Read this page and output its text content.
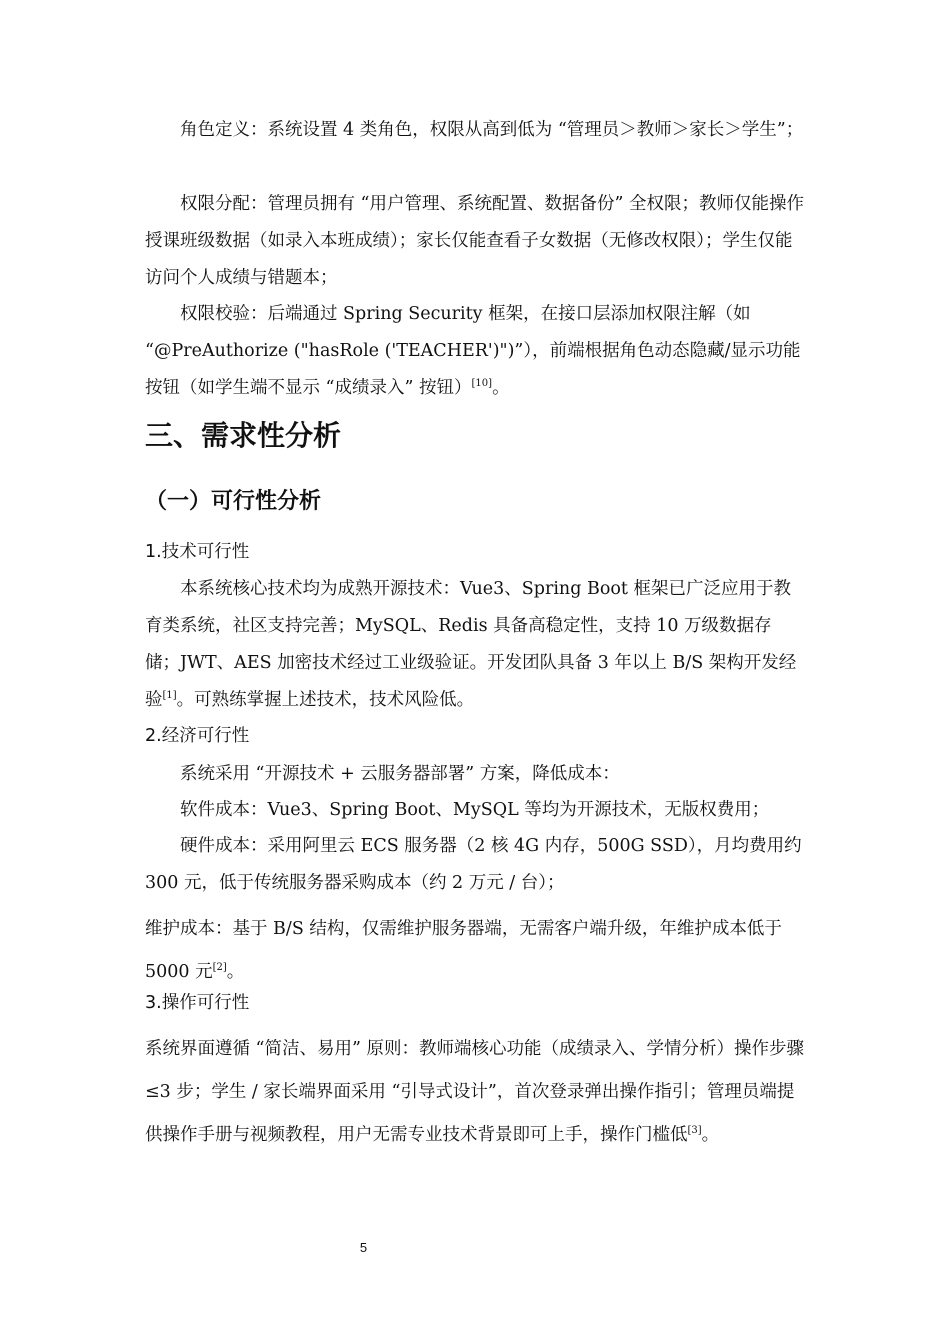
角色定义：系统设置 4 类角色，权限从高到低为 “管理员＞教师＞家长＞学生”；

权限分配：管理员拥有 “用户管理、系统配置、数据备份” 全权限；教师仅能操作授课班级数据（如录入本班成绩）；家长仅能查看子女数据（无修改权限）；学生仅能访问个人成绩与错题本；

权限校验：后端通过 Spring Security 框架，在接口层添加权限注解（如 “@PreAuthorize ("hasRole ('TEACHER')")”），前端根据角色动态隐藏/显示功能按钮（如学生端不显示 “成绩录入” 按钮）[10]。

三、需求性分析
（一）可行性分析
1.技术可行性

本系统核心技术均为成熟开源技术：Vue3、Spring Boot 框架已广泛应用于教育类系统，社区支持完善；MySQL、Redis 具备高稳定性，支持 10 万级数据存储；JWT、AES 加密技术经过工业级验证。开发团队具备 3 年以上 B/S 架构开发经验[1]。可熟练掌握上述技术，技术风险低。

2.经济可行性

系统采用 “开源技术 + 云服务器部署” 方案，降低成本：

软件成本：Vue3、Spring Boot、MySQL 等均为开源技术，无版权费用；

硬件成本：采用阿里云 ECS 服务器（2 核 4G 内存，500G SSD），月均费用约 300 元，低于传统服务器采购成本（约 2 万元 / 台）；

维护成本：基于 B/S 结构，仅需维护服务器端，无需客户端升级，年维护成本低于 5000 元[2]。

3.操作可行性

系统界面遵循 “简洁、易用” 原则：教师端核心功能（成绩录入、学情分析）操作步骤≤3 步；学生 / 家长端界面采用 “引导式设计”，首次登录弹出操作指引；管理员端提供操作手册与视频教程，用户无需专业技术背景即可上手，操作门槛低[3]。

5
